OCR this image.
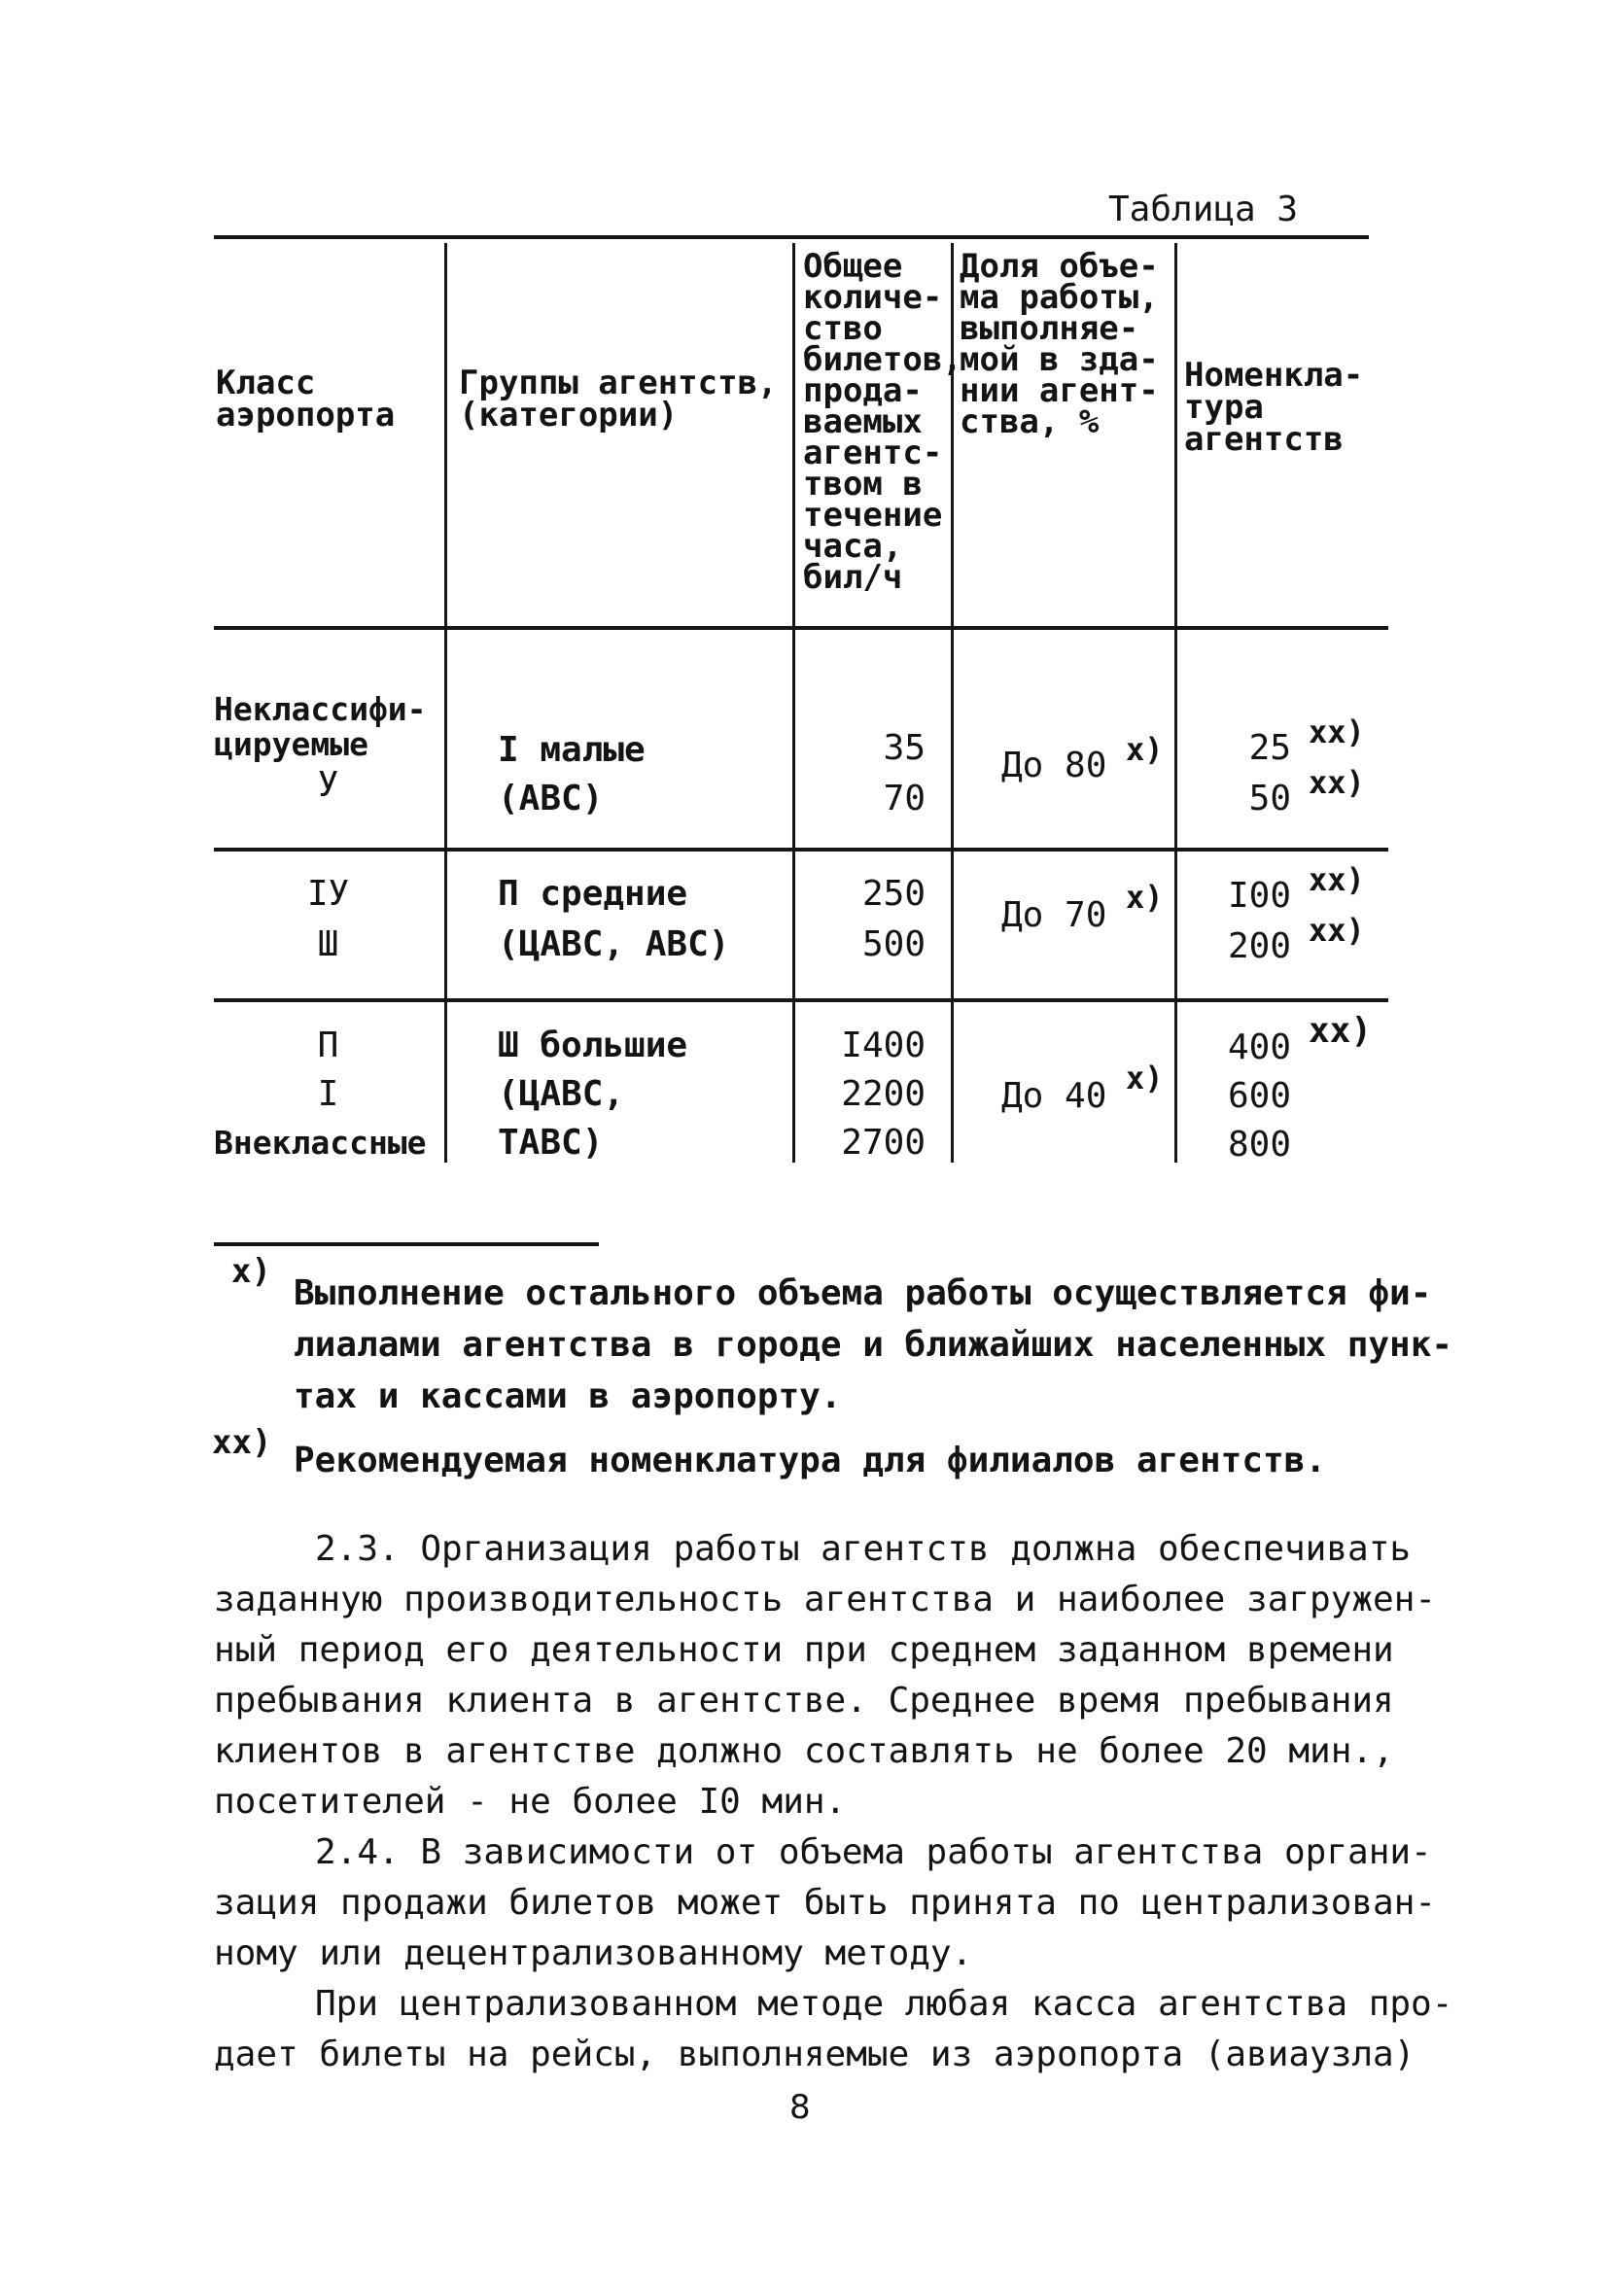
Таблица 3
Класс
аэропорта
Группы агентств,
(категории)
Общее
количе-
ство
билетов,
прода-
ваемых
агентс-
твом в
течение
часа,
бил/ч
Доля объе-
ма работы,
выполняе-
мой в зда-
нии агент-
ства, %
Номенкла-
тура
агентств
Неклассифи-
цируемые
У
I малые
(АВС)
35
70
До 80 x)	25
50
xx)
xx)
IУ
Ш
П средние
(ЦАВС, АВС)
250
500
До 70 x)	I00
200
xx)
xx)
П
I
Внеклассные
Ш большие
(ЦАВС,
ТАВС)
I400
2200
2700
До 40 x)
400
600
800
xx)
x)
Выполнение остального объема работы осуществляется фи-
лиалами агентства в городе и ближайших населенных пунк-
тах и кассами в аэропорту.
xx) Рекомендуемая номенклатура для филиалов агентств.
2.3. Организация работы агентств должна обеспечивать
заданную производительность агентства и наиболее загружен-
ный период его деятельности при среднем заданном времени
пребывания клиента в агентстве. Среднее время пребывания
клиентов в агентстве должно составлять не более 20 мин.,
посетителей - не более I0 мин.
2.4. В зависимости от объема работы агентства органи-
зация продажи билетов может быть принята по централизован-
ному или децентрализованному методу.
При централизованном методе любая касса агентства про-
дает билеты на рейсы, выполняемые из аэропорта (авиаузла)
8
